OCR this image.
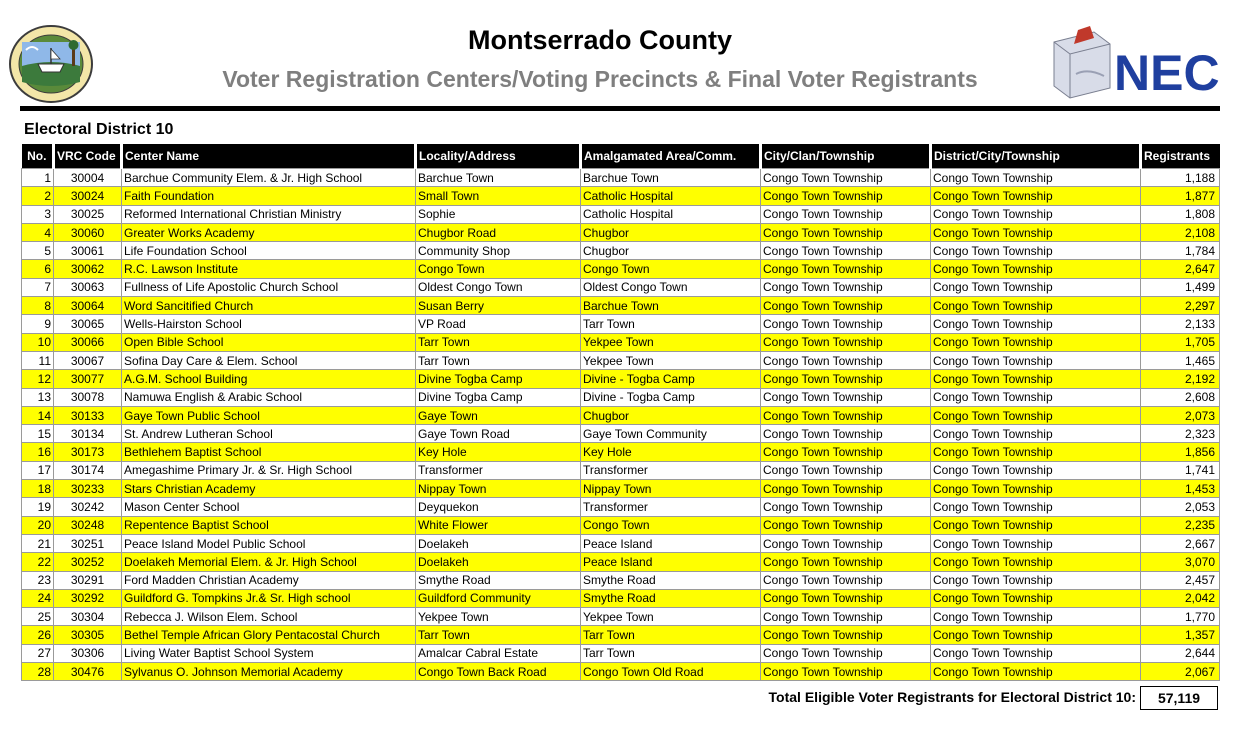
Montserrado County
Voter Registration Centers/Voting Precincts & Final Voter Registrants	NEC
Electoral District 10
No.	VRC Code	Center Name	Locality/Address	Amalgamated Area/Comm.	City/Clan/Township	District/City/Township	Registrants
1	30004	Barchue Community Elem. & Jr. High School	Barchue Town	Barchue Town	Congo Town Township	Congo Town Township	1,188
2	30024	Faith Foundation	Small Town	Catholic Hospital	Congo Town Township	Congo Town Township	1,877
3	30025	Reformed International Christian Ministry	Sophie	Catholic Hospital	Congo Town Township	Congo Town Township	1,808
4	30060	Greater Works Academy	Chugbor Road	Chugbor	Congo Town Township	Congo Town Township	2,108
5	30061	Life Foundation School	Community Shop	Chugbor	Congo Town Township	Congo Town Township	1,784
6	30062	R.C. Lawson Institute	Congo Town	Congo Town	Congo Town Township	Congo Town Township	2,647
7	30063	Fullness of Life Apostolic Church School	Oldest Congo Town	Oldest Congo Town	Congo Town Township	Congo Town Township	1,499
8	30064	Word Sancitified Church	Susan Berry	Barchue Town	Congo Town Township	Congo Town Township	2,297
9	30065	Wells-Hairston School	VP Road	Tarr Town	Congo Town Township	Congo Town Township	2,133
10	30066	Open Bible School	Tarr Town	Yekpee Town	Congo Town Township	Congo Town Township	1,705
11	30067	Sofina Day Care & Elem. School	Tarr Town	Yekpee Town	Congo Town Township	Congo Town Township	1,465
12	30077	A.G.M. School Building	Divine Togba Camp	Divine - Togba Camp	Congo Town Township	Congo Town Township	2,192
13	30078	Namuwa English & Arabic School	Divine Togba Camp	Divine - Togba Camp	Congo Town Township	Congo Town Township	2,608
14	30133	Gaye Town Public School	Gaye Town	Chugbor	Congo Town Township	Congo Town Township	2,073
15	30134	St. Andrew Lutheran School	Gaye Town Road	Gaye Town Community	Congo Town Township	Congo Town Township	2,323
16	30173	Bethlehem Baptist School	Key Hole	Key Hole	Congo Town Township	Congo Town Township	1,856
17	30174	Amegashime Primary Jr. & Sr. High School	Transformer	Transformer	Congo Town Township	Congo Town Township	1,741
18	30233	Stars Christian Academy	Nippay Town	Nippay Town	Congo Town Township	Congo Town Township	1,453
19	30242	Mason Center School	Deyquekon	Transformer	Congo Town Township	Congo Town Township	2,053
20	30248	Repentence Baptist School	White Flower	Congo Town	Congo Town Township	Congo Town Township	2,235
21	30251	Peace Island Model Public School	Doelakeh	Peace Island	Congo Town Township	Congo Town Township	2,667
22	30252	Doelakeh Memorial Elem. & Jr. High School	Doelakeh	Peace Island	Congo Town Township	Congo Town Township	3,070
23	30291	Ford Madden Christian Academy	Smythe Road	Smythe Road	Congo Town Township	Congo Town Township	2,457
24	30292	Guildford G. Tompkins Jr.& Sr. High school	Guildford Community	Smythe Road	Congo Town Township	Congo Town Township	2,042
25	30304	Rebecca J. Wilson Elem. School	Yekpee Town	Yekpee Town	Congo Town Township	Congo Town Township	1,770
26	30305	Bethel Temple African Glory Pentacostal Church	Tarr Town	Tarr Town	Congo Town Township	Congo Town Township	1,357
27	30306	Living Water Baptist School System	Amalcar Cabral Estate	Tarr Town	Congo Town Township	Congo Town Township	2,644
28	30476	Sylvanus O. Johnson Memorial Academy	Congo Town Back Road	Congo Town Old Road	Congo Town Township	Congo Town Township	2,067
Total Eligible Voter Registrants for Electoral District 10:	57,119
